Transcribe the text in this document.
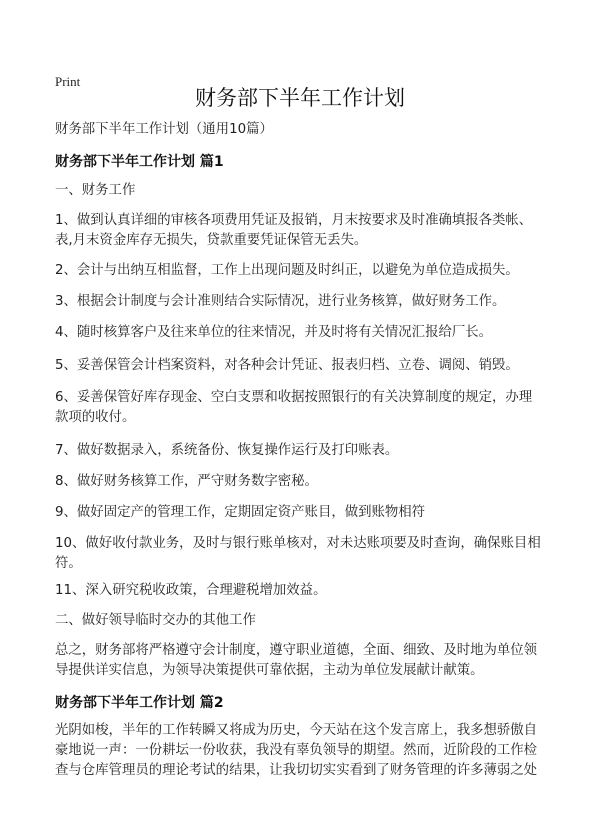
Print
财务部下半年工作计划
财务部下半年工作计划（通用10篇）
财务部下半年工作计划 篇1
一、财务工作
1、做到认真详细的审核各项费用凭证及报销，月末按要求及时准确填报各类帐、
表,月末资金库存无损失，贷款重要凭证保管无丢失。
2、会计与出纳互相监督，工作上出现问题及时纠正，以避免为单位造成损失。
3、根据会计制度与会计准则结合实际情况，进行业务核算，做好财务工作。
4、随时核算客户及往来单位的往来情况，并及时将有关情况汇报给厂长。
5、妥善保管会计档案资料，对各种会计凭证、报表归档、立卷、调阅、销毁。
6、妥善保管好库存现金、空白支票和收据按照银行的有关决算制度的规定，办理
款项的收付。
7、做好数据录入，系统备份、恢复操作运行及打印账表。
8、做好财务核算工作，严守财务数字密秘。
9、做好固定产的管理工作，定期固定资产账目，做到账物相符
10、做好收付款业务，及时与银行账单核对，对未达账项要及时查询，确保账目相
符。
11、深入研究税收政策，合理避税增加效益。
二、做好领导临时交办的其他工作
总之，财务部将严格遵守会计制度，遵守职业道德，全面、细致、及时地为单位领
导提供详实信息，为领导决策提供可靠依据，主动为单位发展献计献策。
财务部下半年工作计划 篇2
光阴如梭，半年的工作转瞬又将成为历史，今天站在这个发言席上，我多想骄傲自
豪地说一声：一份耕坛一份收获，我没有辜负领导的期望。然而，近阶段的工作检
查与仓库管理员的理论考试的结果，让我切切实实看到了财务管理的许多薄弱之处
